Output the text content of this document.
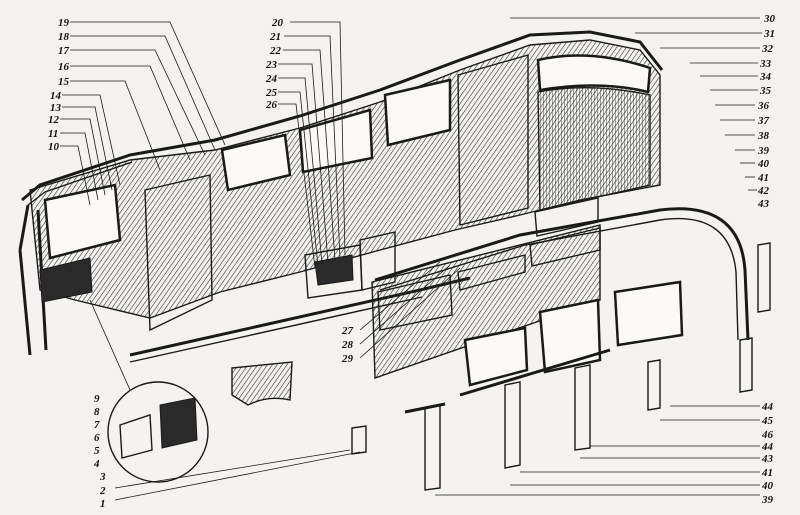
19
18
17
16
15
14
13
12
11
10
20
21
22
23
24
25
26
30
31
32
33
34
35
36
37
38
39
40
41
42
43
27
28
29
9
8
7
6
5
4
3
2
1
44
45
46
44
43
41
40
39
